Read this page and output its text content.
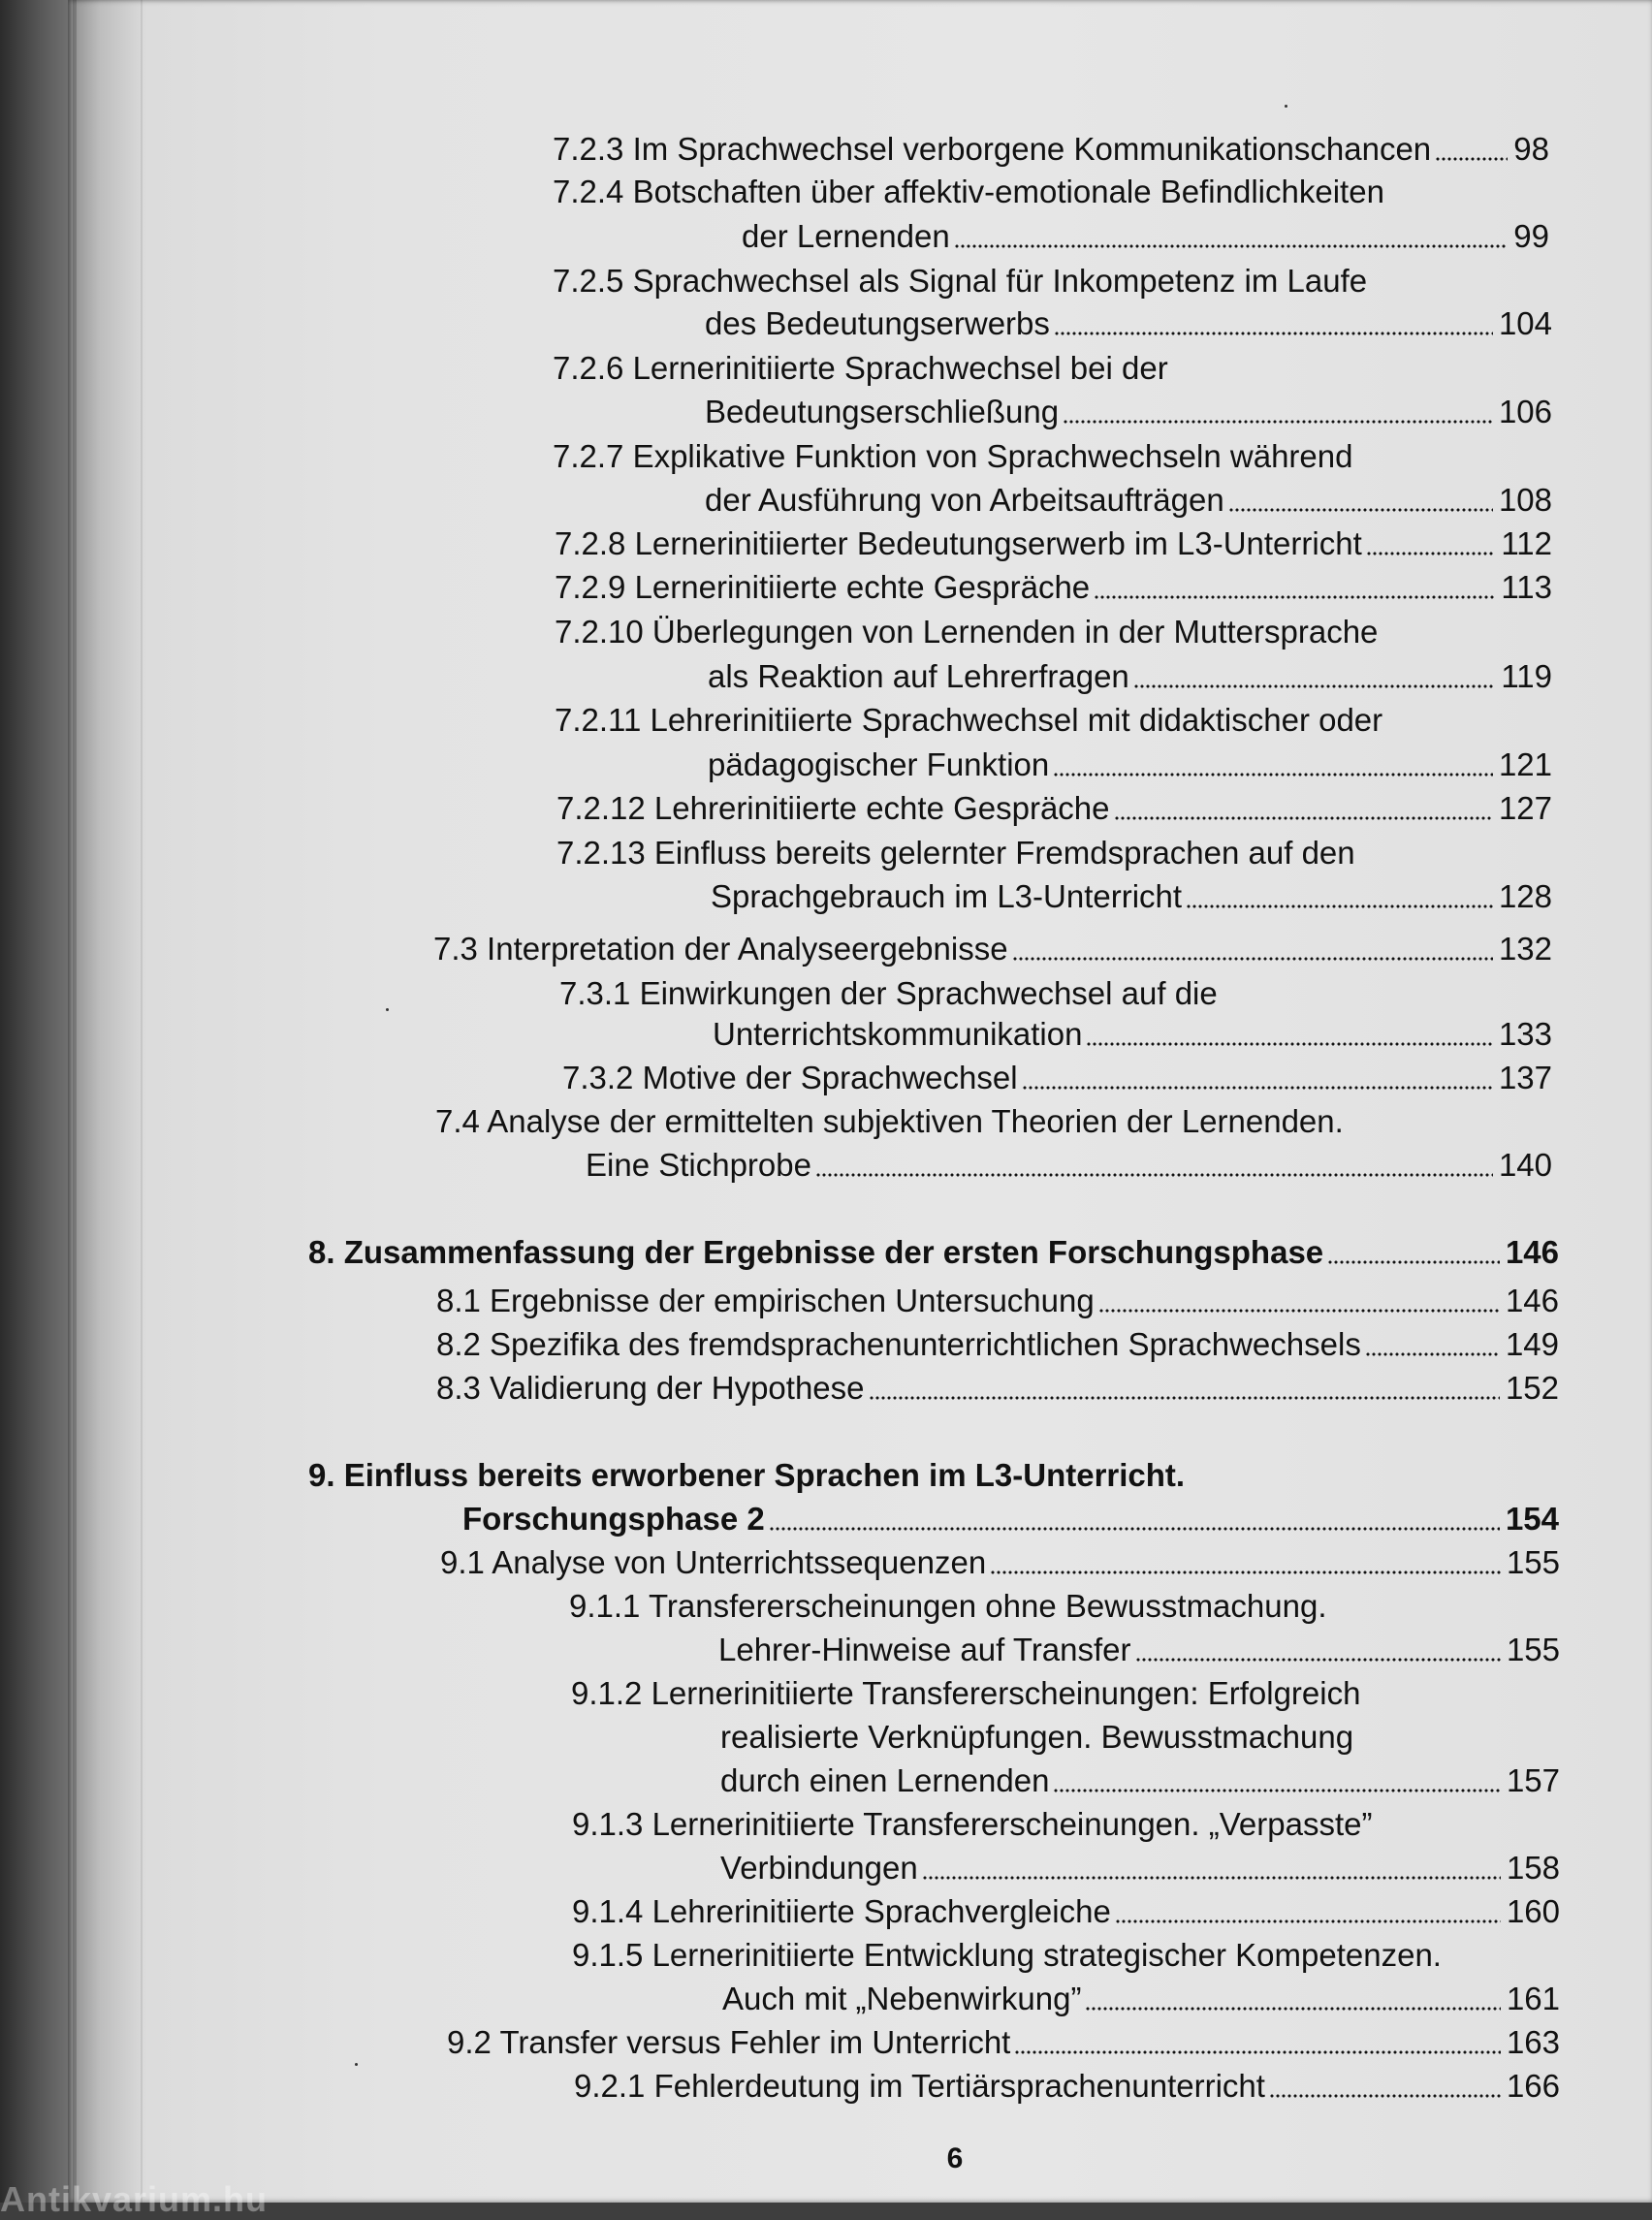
7.2.3 Im Sprachwechsel verborgene Kommunikationschancen	98
7.2.4 Botschaften über affektiv-emotionale Befindlichkeiten
der Lernenden	99
7.2.5 Sprachwechsel als Signal für Inkompetenz im Laufe
des Bedeutungserwerbs	104
7.2.6 Lernerinitiierte Sprachwechsel bei der
Bedeutungserschließung	106
7.2.7 Explikative Funktion von Sprachwechseln während
der Ausführung von Arbeitsaufträgen	108
7.2.8 Lernerinitiierter Bedeutungserwerb im L3-Unterricht	112
7.2.9 Lernerinitiierte echte Gespräche	113
7.2.10 Überlegungen von Lernenden in der Muttersprache
als Reaktion auf Lehrerfragen	119
7.2.11 Lehrerinitiierte Sprachwechsel mit didaktischer oder
pädagogischer Funktion	121
7.2.12 Lehrerinitiierte echte Gespräche	127
7.2.13 Einfluss bereits gelernter Fremdsprachen auf den
Sprachgebrauch im L3-Unterricht	128
7.3 Interpretation der Analyseergebnisse	132
7.3.1 Einwirkungen der Sprachwechsel auf die
Unterrichtskommunikation	133
7.3.2 Motive der Sprachwechsel	137
7.4 Analyse der ermittelten subjektiven Theorien der Lernenden.
Eine Stichprobe	140
8. Zusammenfassung der Ergebnisse der ersten Forschungsphase	146
8.1 Ergebnisse der empirischen Untersuchung	146
8.2 Spezifika des fremdsprachenunterrichtlichen Sprachwechsels	149
8.3 Validierung der Hypothese	152
9. Einfluss bereits erworbener Sprachen im L3-Unterricht.
Forschungsphase 2	154
9.1 Analyse von Unterrichtssequenzen	155
9.1.1 Transfererscheinungen ohne Bewusstmachung.
Lehrer-Hinweise auf Transfer	155
9.1.2 Lernerinitiierte Transfererscheinungen: Erfolgreich
realisierte Verknüpfungen. Bewusstmachung
durch einen Lernenden	157
9.1.3 Lernerinitiierte Transfererscheinungen. „Verpasste”
Verbindungen	158
9.1.4 Lehrerinitiierte Sprachvergleiche	160
9.1.5 Lernerinitiierte Entwicklung strategischer Kompetenzen.
Auch mit „Nebenwirkung”	161
9.2 Transfer versus Fehler im Unterricht	163
9.2.1 Fehlerdeutung im Tertiärsprachenunterricht	166
6
Antikvarium.hu
